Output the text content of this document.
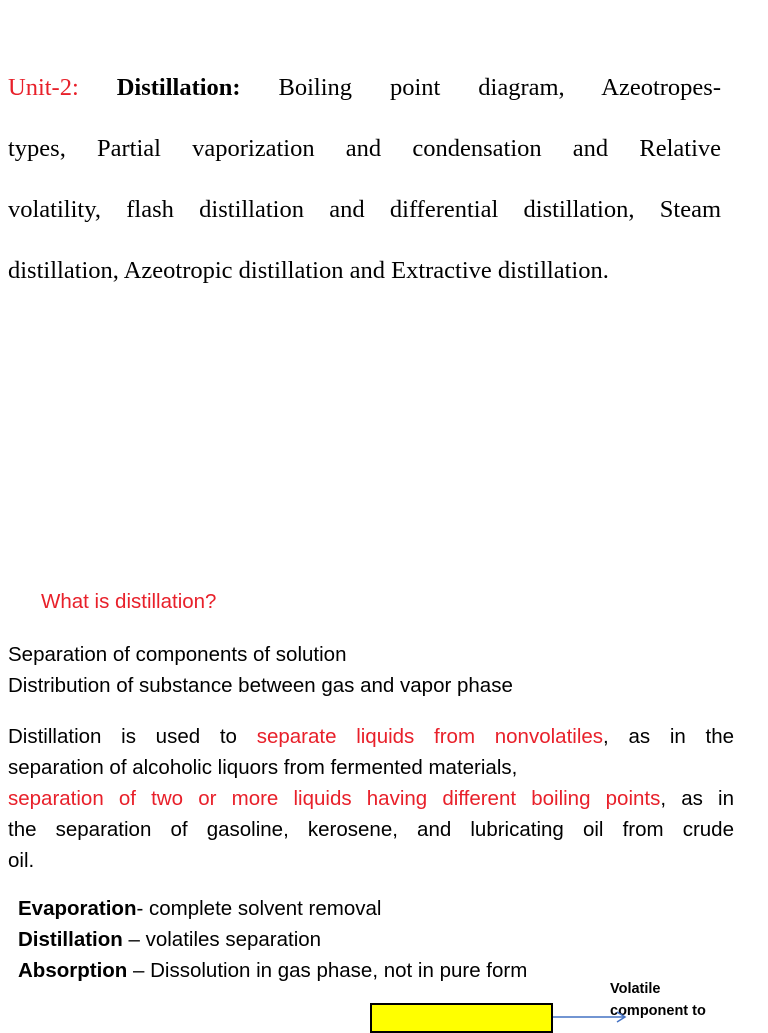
Unit-2: Distillation: Boiling point diagram, Azeotropes-
types, Partial vaporization and condensation and Relative
volatility, flash distillation and differential distillation, Steam
distillation, Azeotropic distillation and Extractive distillation.
What is distillation?
Separation of components of solution
Distribution of substance between gas and vapor phase
Distillation is used to separate liquids from nonvolatiles, as in the
separation of alcoholic liquors from fermented materials,
separation of two or more liquids having different boiling points, as in
the separation of gasoline, kerosene, and lubricating oil from crude
oil.
Evaporation- complete solvent removal
Distillation – volatiles separation
Absorption – Dissolution in gas phase, not in pure form
Volatile
component to
